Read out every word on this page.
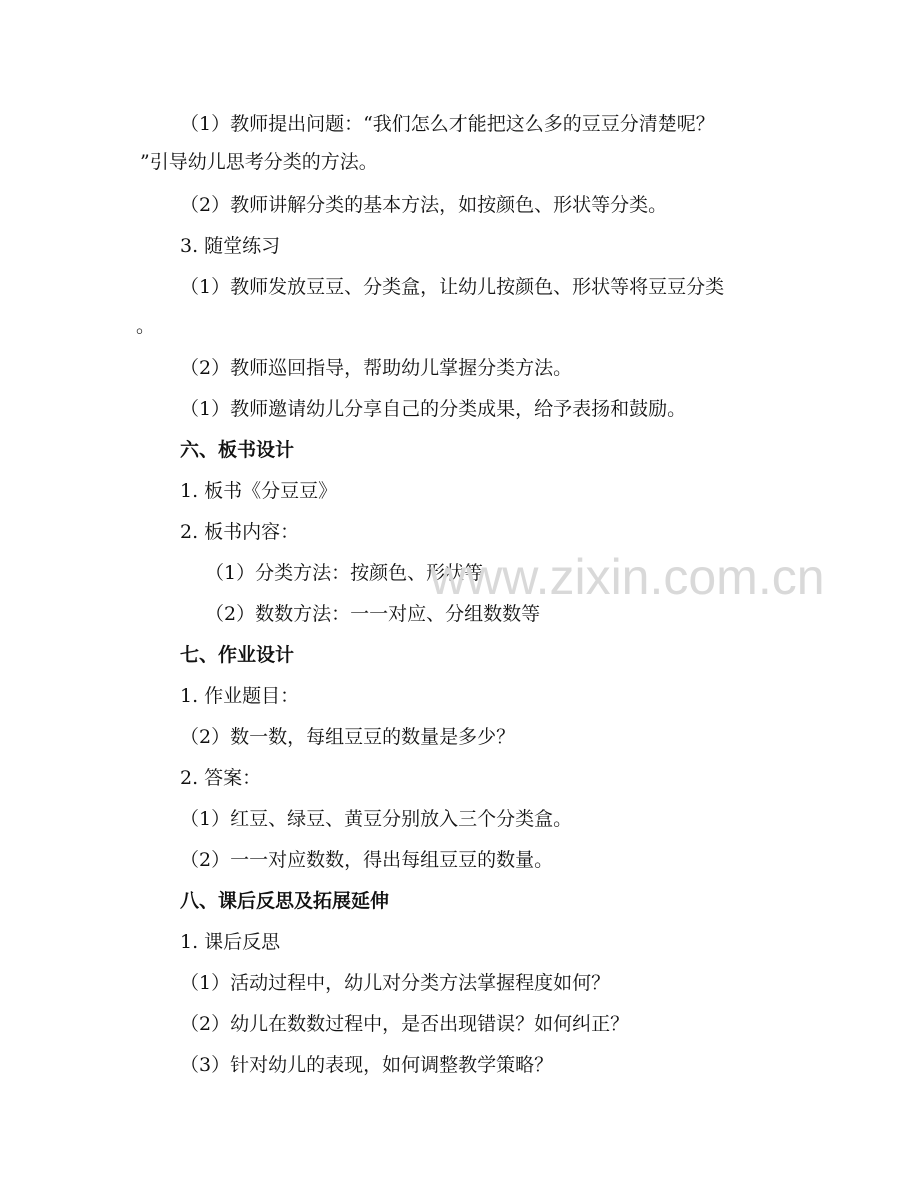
（1）教师提出问题：“我们怎么才能把这么多的豆豆分清楚呢？
”引导幼儿思考分类的方法。
（2）教师讲解分类的基本方法，如按颜色、形状等分类。
3. 随堂练习
（1）教师发放豆豆、分类盒，让幼儿按颜色、形状等将豆豆分类
。
（2）教师巡回指导，帮助幼儿掌握分类方法。
（1）教师邀请幼儿分享自己的分类成果，给予表扬和鼓励。
六、板书设计
1. 板书《分豆豆》
2. 板书内容：
（1）分类方法：按颜色、形状等
（2）数数方法：一一对应、分组数数等
七、作业设计
1. 作业题目：
（2）数一数，每组豆豆的数量是多少？
2. 答案：
（1）红豆、绿豆、黄豆分别放入三个分类盒。
（2）一一对应数数，得出每组豆豆的数量。
八、课后反思及拓展延伸
1. 课后反思
（1）活动过程中，幼儿对分类方法掌握程度如何？
（2）幼儿在数数过程中，是否出现错误？如何纠正？
（3）针对幼儿的表现，如何调整教学策略？
www.zixin.com.cn
